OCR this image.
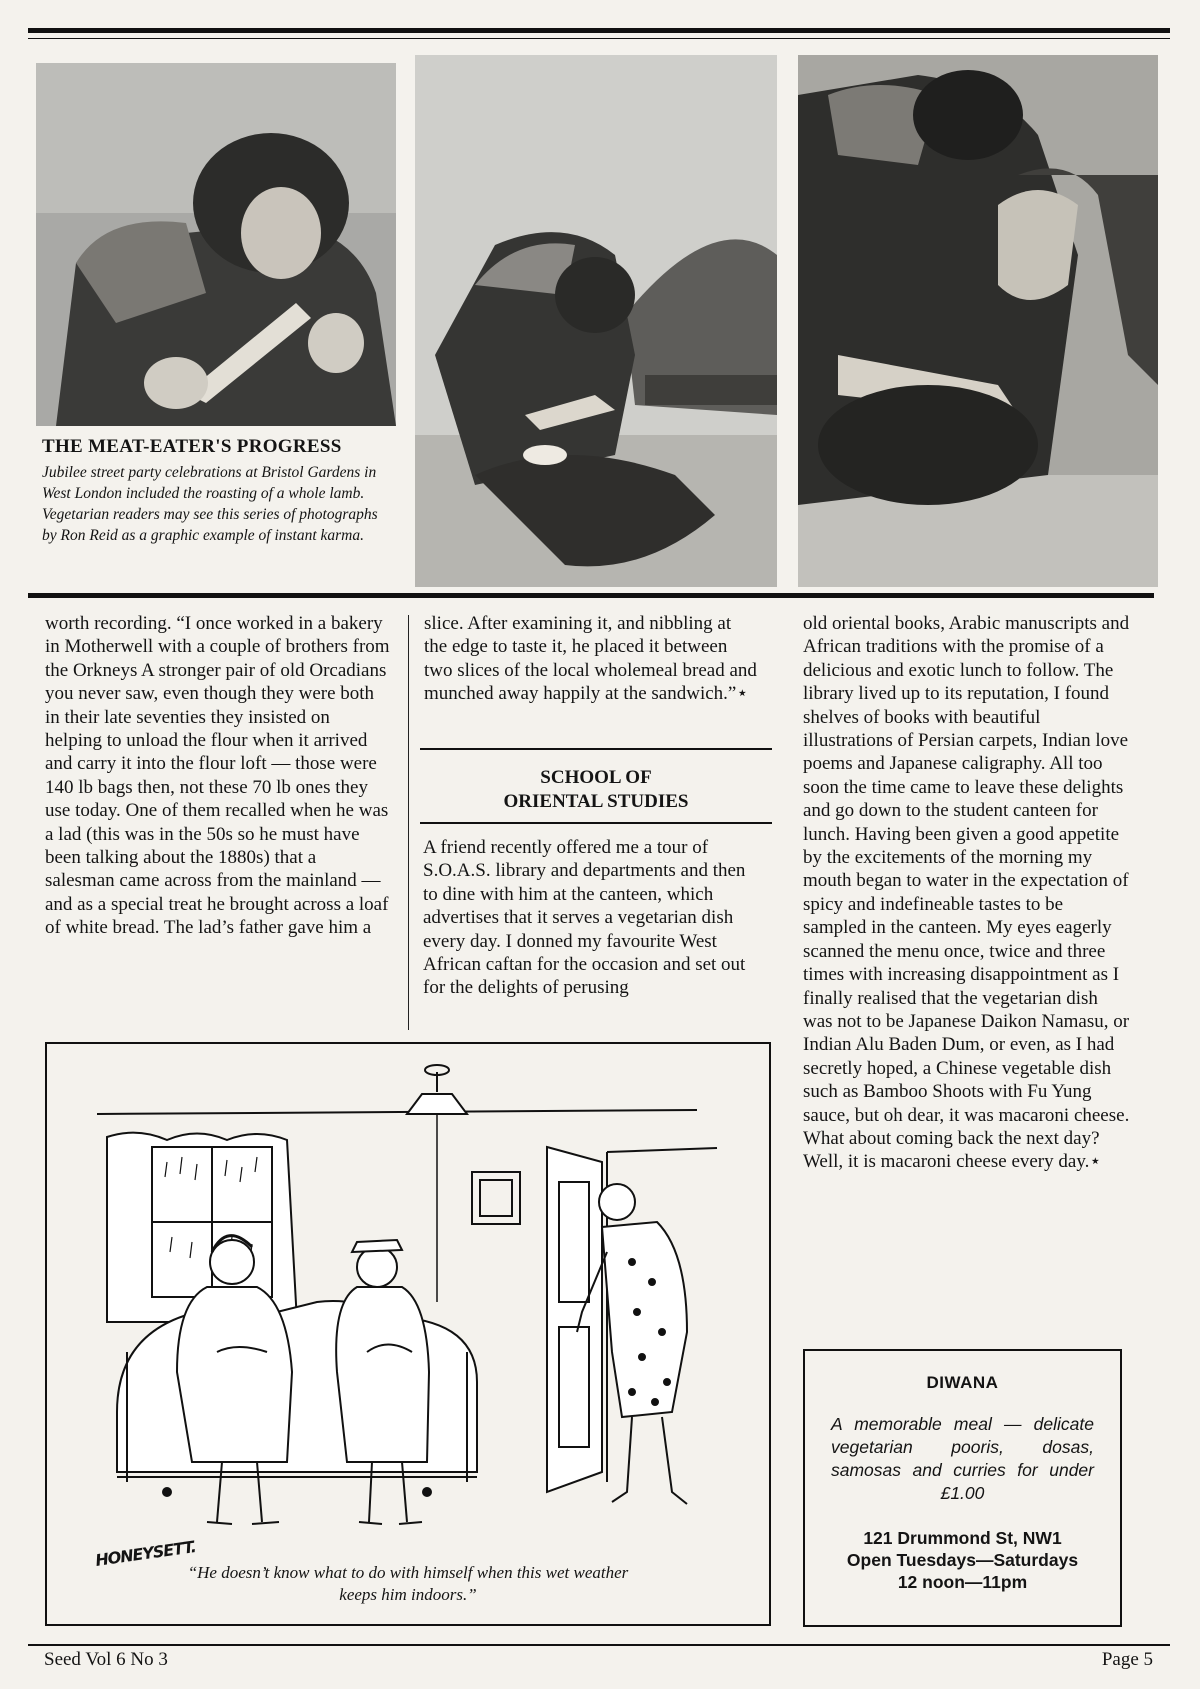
THE MEAT-EATER'S PROGRESS
Jubilee street party celebrations at Bristol Gardens in West London included the roasting of a whole lamb. Vegetarian readers may see this series of photographs by Ron Reid as a graphic example of instant karma.

worth recording. “I once worked in a bakery in Motherwell with a couple of brothers from the Orkneys A stronger pair of old Orcadians you never saw, even though they were both in their late seventies they insisted on helping to unload the flour when it arrived and carry it into the flour loft — those were 140 lb bags then, not these 70 lb ones they use today. One of them recalled when he was a lad (this was in the 50s so he must have been talking about the 1880s) that a salesman came across from the mainland — and as a special treat he brought across a loaf of white bread. The lad’s father gave him a

slice. After examining it, and nibbling at the edge to taste it, he placed it between two slices of the local wholemeal bread and munched away happily at the sandwich.”⋆

SCHOOL OF
ORIENTAL STUDIES

A friend recently offered me a tour of S.O.A.S. library and departments and then to dine with him at the canteen, which advertises that it serves a vegetarian dish every day. I donned my favourite West African caftan for the occasion and set out for the delights of perusing

old oriental books, Arabic manuscripts and African traditions with the promise of a delicious and exotic lunch to follow. The library lived up to its reputation, I found shelves of books with beautiful illustrations of Persian carpets, Indian love poems and Japanese caligraphy. All too soon the time came to leave these delights and go down to the student canteen for lunch. Having been given a good appetite by the excitements of the morning my mouth began to water in the expectation of spicy and indefineable tastes to be sampled in the canteen. My eyes eagerly scanned the menu once, twice and three times with increasing disappointment as I finally realised that the vegetarian dish was not to be Japanese Daikon Namasu, or Indian Alu Baden Dum, or even, as I had secretly hoped, a Chinese vegetable dish such as Bamboo Shoots with Fu Yung sauce, but oh dear, it was macaroni cheese. What about coming back the next day? Well, it is macaroni cheese every day.⋆

HONEYSETT.
“He doesn’t know what to do with himself when this wet weather
keeps him indoors.”
DIWANA
A memorable meal — delicate vegetarian pooris, dosas, samosas and curries for under £1.00
121 Drummond St, NW1
Open Tuesdays—Saturdays
12 noon—11pm
Seed Vol 6 No 3	Page 5
